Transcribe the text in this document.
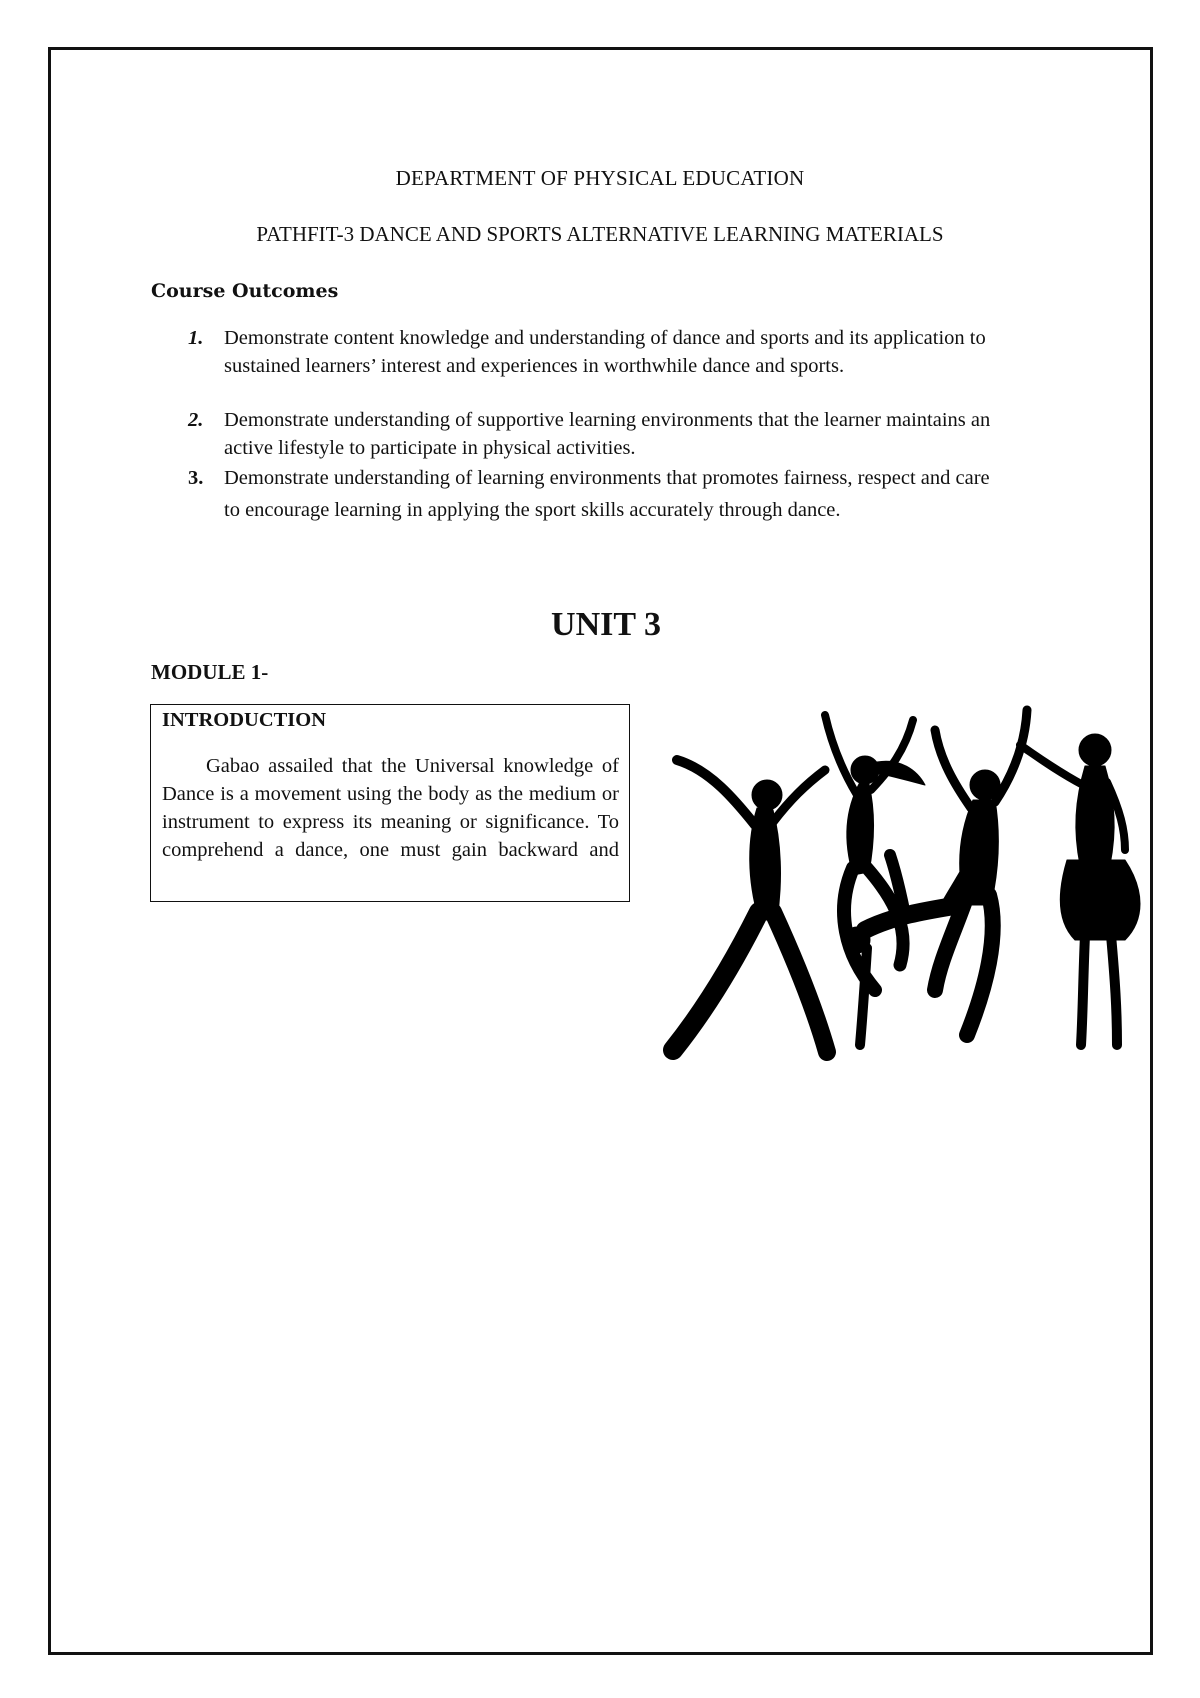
DEPARTMENT OF PHYSICAL EDUCATION
PATHFIT-3 DANCE AND SPORTS ALTERNATIVE LEARNING MATERIALS
Course Outcomes
1.	Demonstrate content knowledge and understanding of dance and sports and its application to sustained learners’ interest and experiences in worthwhile dance and sports.
2.	Demonstrate understanding of supportive learning environments that the learner maintains an active lifestyle to participate in physical activities.
3.	Demonstrate understanding of learning environments that promotes fairness, respect and care to encourage learning in applying the sport skills accurately through dance.
UNIT 3
MODULE 1-
INTRODUCTION

Gabao assailed that the Universal knowledge of Dance is a movement using the body as the medium or instrument to express its meaning or significance. To comprehend a dance, one must gain backward and
